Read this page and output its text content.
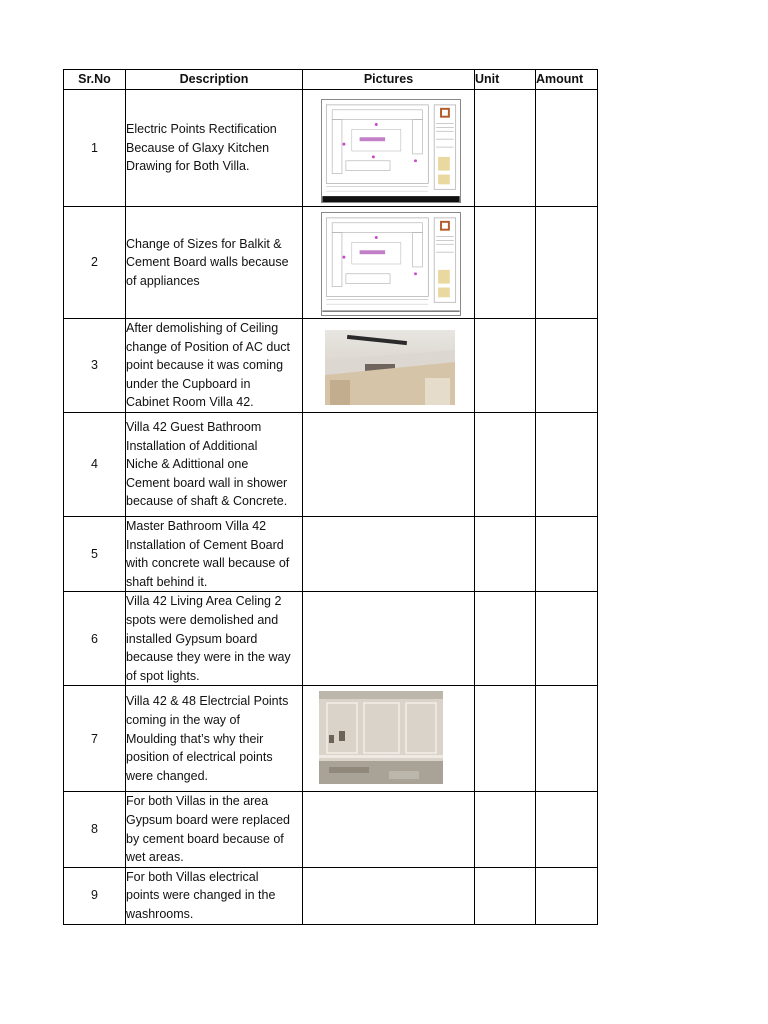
Sr.No	Description	Pictures	Unit	Amount
1	Electric Points Rectification
Because of Glaxy Kitchen
Drawing for Both Villa.

2	Change of Sizes for Balkit &
Cement Board walls because
of appliances

3	After demolishing of Ceiling
change of Position of AC duct
point because it was coming
under the Cupboard in
Cabinet Room Villa 42.

4	Villa 42 Guest Bathroom
Installation of Additional
Niche & Adittional one
Cement board wall in shower
because of shaft & Concrete.			

5	Master Bathroom Villa 42
Installation of Cement Board
with concrete wall because of
shaft behind it.			

6	Villa 42 Living Area Celing 2
spots were demolished and
installed Gypsum board
because they were in the way
of spot lights.			

7	Villa 42 & 48 Electrcial Points
coming in the way of
Moulding that’s why their
position of electrical points
were changed.

8	For both Villas in the area
Gypsum board were replaced
by cement board because of
wet areas.			

9	For both Villas electrical
points were changed in the
washrooms.			
